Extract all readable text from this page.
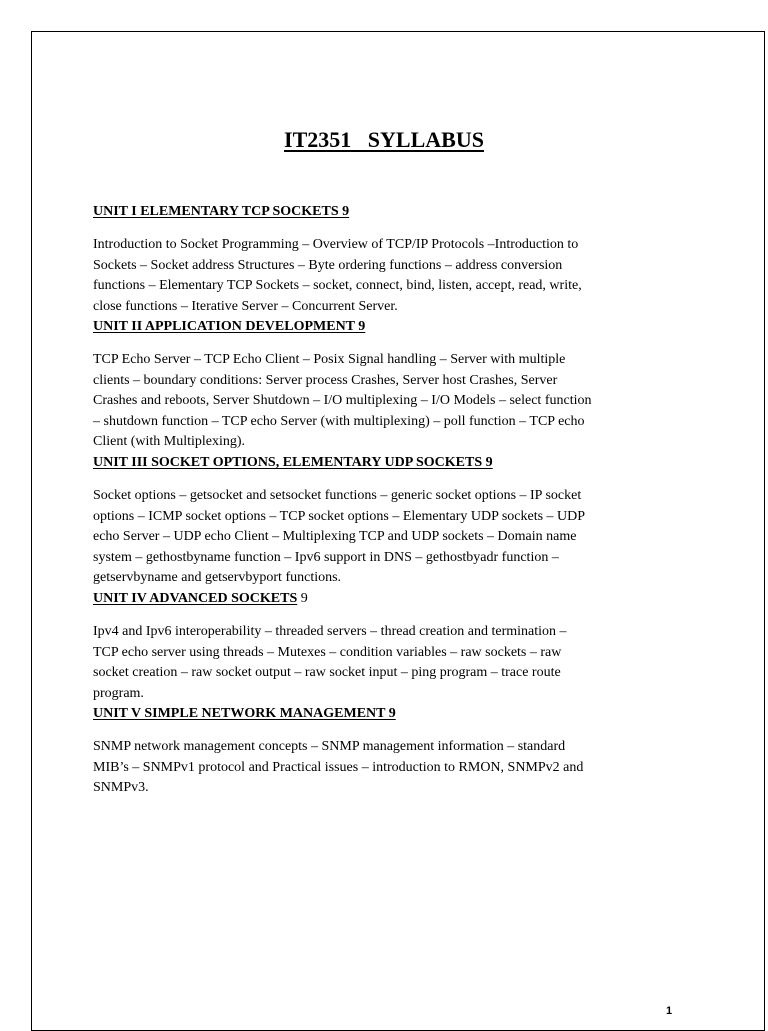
IT2351   SYLLABUS
UNIT I ELEMENTARY TCP SOCKETS 9
Introduction to Socket Programming – Overview of TCP/IP Protocols –Introduction to
Sockets – Socket address Structures – Byte ordering functions – address conversion
functions – Elementary TCP Sockets – socket, connect, bind, listen, accept, read, write,
close functions – Iterative Server – Concurrent Server.
UNIT II APPLICATION DEVELOPMENT 9
TCP Echo Server – TCP Echo Client – Posix Signal handling – Server with multiple
clients – boundary conditions: Server process Crashes, Server host Crashes, Server
Crashes and reboots, Server Shutdown – I/O multiplexing – I/O Models – select function
– shutdown function – TCP echo Server (with multiplexing) – poll function – TCP echo
Client (with Multiplexing).
UNIT III SOCKET OPTIONS, ELEMENTARY UDP SOCKETS 9
Socket options – getsocket and setsocket functions – generic socket options – IP socket
options – ICMP socket options – TCP socket options – Elementary UDP sockets – UDP
echo Server – UDP echo Client – Multiplexing TCP and UDP sockets – Domain name
system – gethostbyname function – Ipv6 support in DNS – gethostbyadr function –
getservbyname and getservbyport functions.
UNIT IV ADVANCED SOCKETS 9
Ipv4 and Ipv6 interoperability – threaded servers – thread creation and termination –
TCP echo server using threads – Mutexes – condition variables – raw sockets – raw
socket creation – raw socket output – raw socket input – ping program – trace route
program.
UNIT V SIMPLE NETWORK MANAGEMENT 9
SNMP network management concepts – SNMP management information – standard
MIB’s – SNMPv1 protocol and Practical issues – introduction to RMON, SNMPv2 and
SNMPv3.

1
